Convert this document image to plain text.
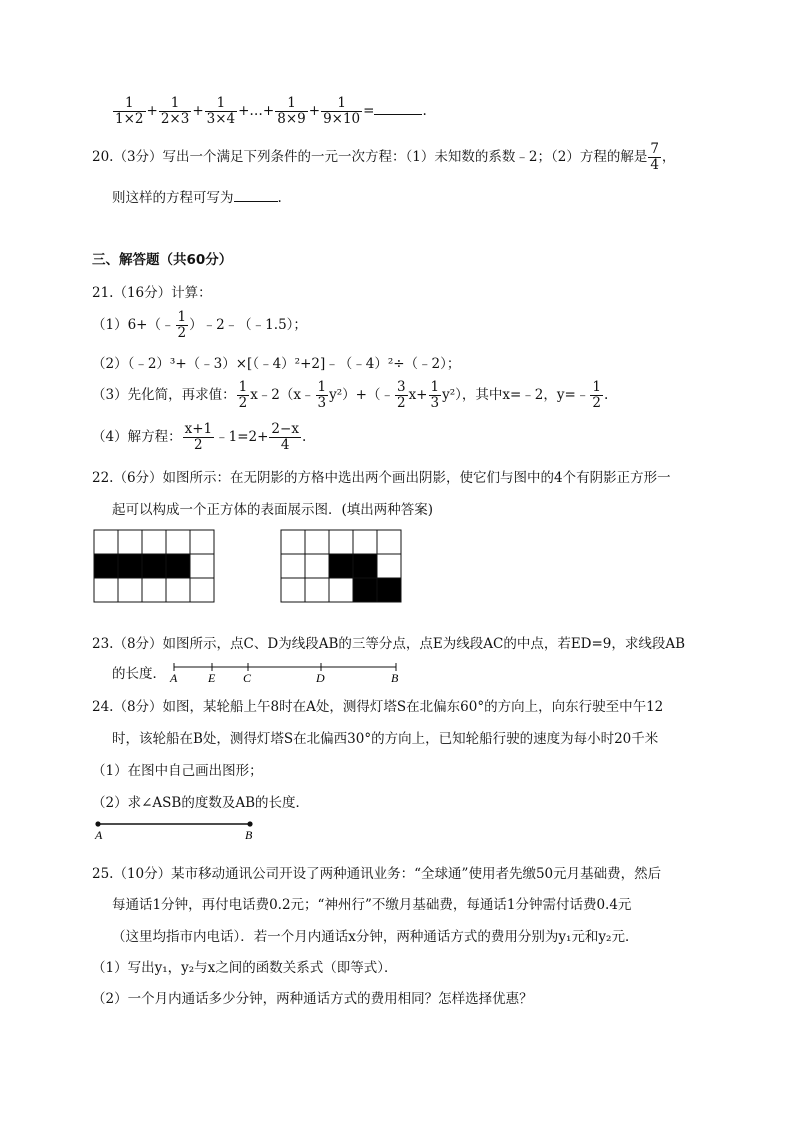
$\frac{1}{1\times 2} + \frac{1}{2\times 3} + \frac{1}{3\times 4}$ +…+ $\frac{1}{8\times 9} + \frac{1}{9\times 10}$ =	.
20.（3分）写出一个满足下列条件的一元一次方程：（1）未知数的系数﹣2；（2）方程的解是 $\frac{7}{4}$ ，
则这样的方程可写为	.
三、解答题（共60分）
21.（16分）计算：
（1）6+（﹣ $\frac{1}{2}$ ）﹣2﹣（﹣1.5）；
（2）（﹣2）³+（﹣3）×[（﹣4）²+2]﹣（﹣4）²÷（﹣2）；
（3）先化简，再求值： $\frac{1}{2}$ x﹣2（x﹣ $\frac{1}{3}$ y²）+（﹣ $\frac{3}{2} x+ \frac{1}{3} y^2$），其中x=﹣2，y=﹣ $\frac{1}{2}$ .
（4）解方程： $\frac{x+1}{2}$ ﹣1=2+ $\frac{2-x}{4}$ .
22.（6分）如图所示：在无阴影的方格中选出两个画出阴影，使它们与图中的4个有阴影正方形一
起可以构成一个正方体的表面展示图．(填出两种答案)
23.（8分）如图所示，点C、D为线段AB的三等分点，点E为线段AC的中点，若ED=9，求线段AB
的长度． A	E C	D	B
24.（8分）如图，某轮船上午8时在A处，测得灯塔S在北偏东60°的方向上，向东行驶至中午12
时，该轮船在B处，测得灯塔S在北偏西30°的方向上，已知轮船行驶的速度为每小时20千米
（1）在图中自己画出图形；
（2）求∠ASB的度数及AB的长度．
A	B
25.（10分）某市移动通讯公司开设了两种通讯业务：“全球通”使用者先缴50元月基础费，然后
每通话1分钟，再付电话费0.2元；“神州行”不缴月基础费，每通话1分钟需付话费0.4元
（这里均指市内电话）．若一个月内通话x分钟，两种通话方式的费用分别为y₁元和y₂元．
（1）写出y₁，y₂与x之间的函数关系式（即等式）．
（2）一个月内通话多少分钟，两种通话方式的费用相同？怎样选择优惠？
